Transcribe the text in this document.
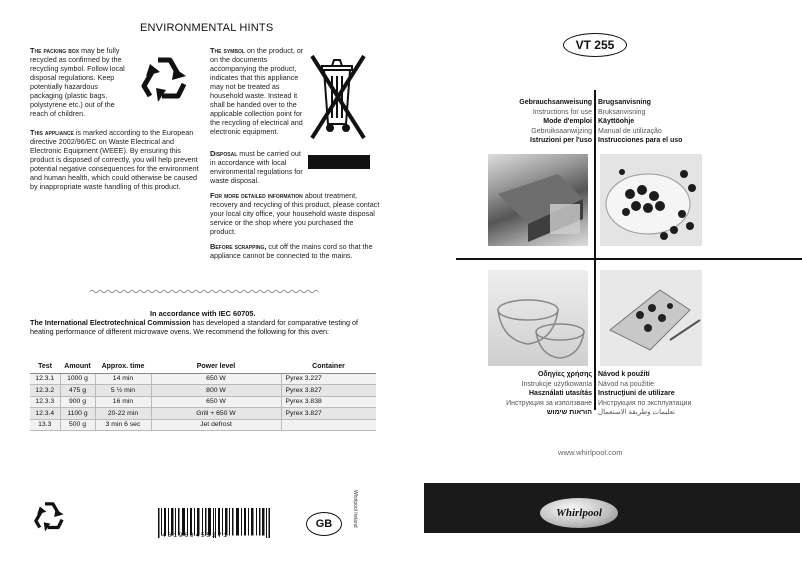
ENVIRONMENTAL HINTS
The packing box may be fully recycled as confirmed by the recycling symbol. Follow local disposal regulations. Keep potentially hazardous packaging (plastic bags, polystyrene etc.) out of the reach of children.
This appliance is marked according to the European directive 2002/96/EC on Waste Electrical and Electronic Equipment (WEEE). By ensuring this product is disposed of correctly, you will help prevent potential negative consequences for the environment and human health, which could otherwise be caused by inappropriate waste handling of this product.
The symbol on the product, or on the documents accompanying the product, indicates that this appliance may not be treated as household waste. Instead it shall be handed over to the applicable collection point for the recycling of electrical and electronic equipment.
Disposal must be carried out in accordance with local environmental regulations for waste disposal.
For more detailed information about treatment, recovery and recycling of this product, please contact your local city office, your household waste disposal service or the shop where you purchased the product.
Before scrapping, cut off the mains cord so that the appliance cannot be connected to the mains.
In accordance with IEC 60705.
The International Electrotechnical Commission has developed a standard for comparative testing of heating performance of different microwave ovens. We recommend the following for this oven:
Test	Amount	Approx. time	Power level	Container
12.3.1	1000 g	14 min	650 W	Pyrex 3.227
12.3.2	475 g	5 ½ min	800 W	Pyrex 3.827
12.3.3	900 g	16 min	650 W	Pyrex 3.838
12.3.4	1100 g	20-22 min	Grill + 650 W	Pyrex 3.827
13.3	500 g	3 min 6 sec	Jet defrost	
461969455271
GB	Whirlpool Ireland
VT 255
Gebrauchsanweisung
Instructions for use
Mode d'emploi
Gebruiksaanwijzing
Istruzioni per l'uso
Brugsanvisning
Bruksanvisning
Käyttöohje
Manual de utilização
Instrucciones para el uso
Οδηγίες χρήσης
Instrukcje użytkowania
Használati utasítás
Инструкция за използване
הוראות שימוש
Návod k použití
Návod na použitie
Instrucţiuni de utilizare
Инструкция по эксплуатации
تعليمات وطريقة الاستعمال
www.whirlpool.com
Whirlpool
